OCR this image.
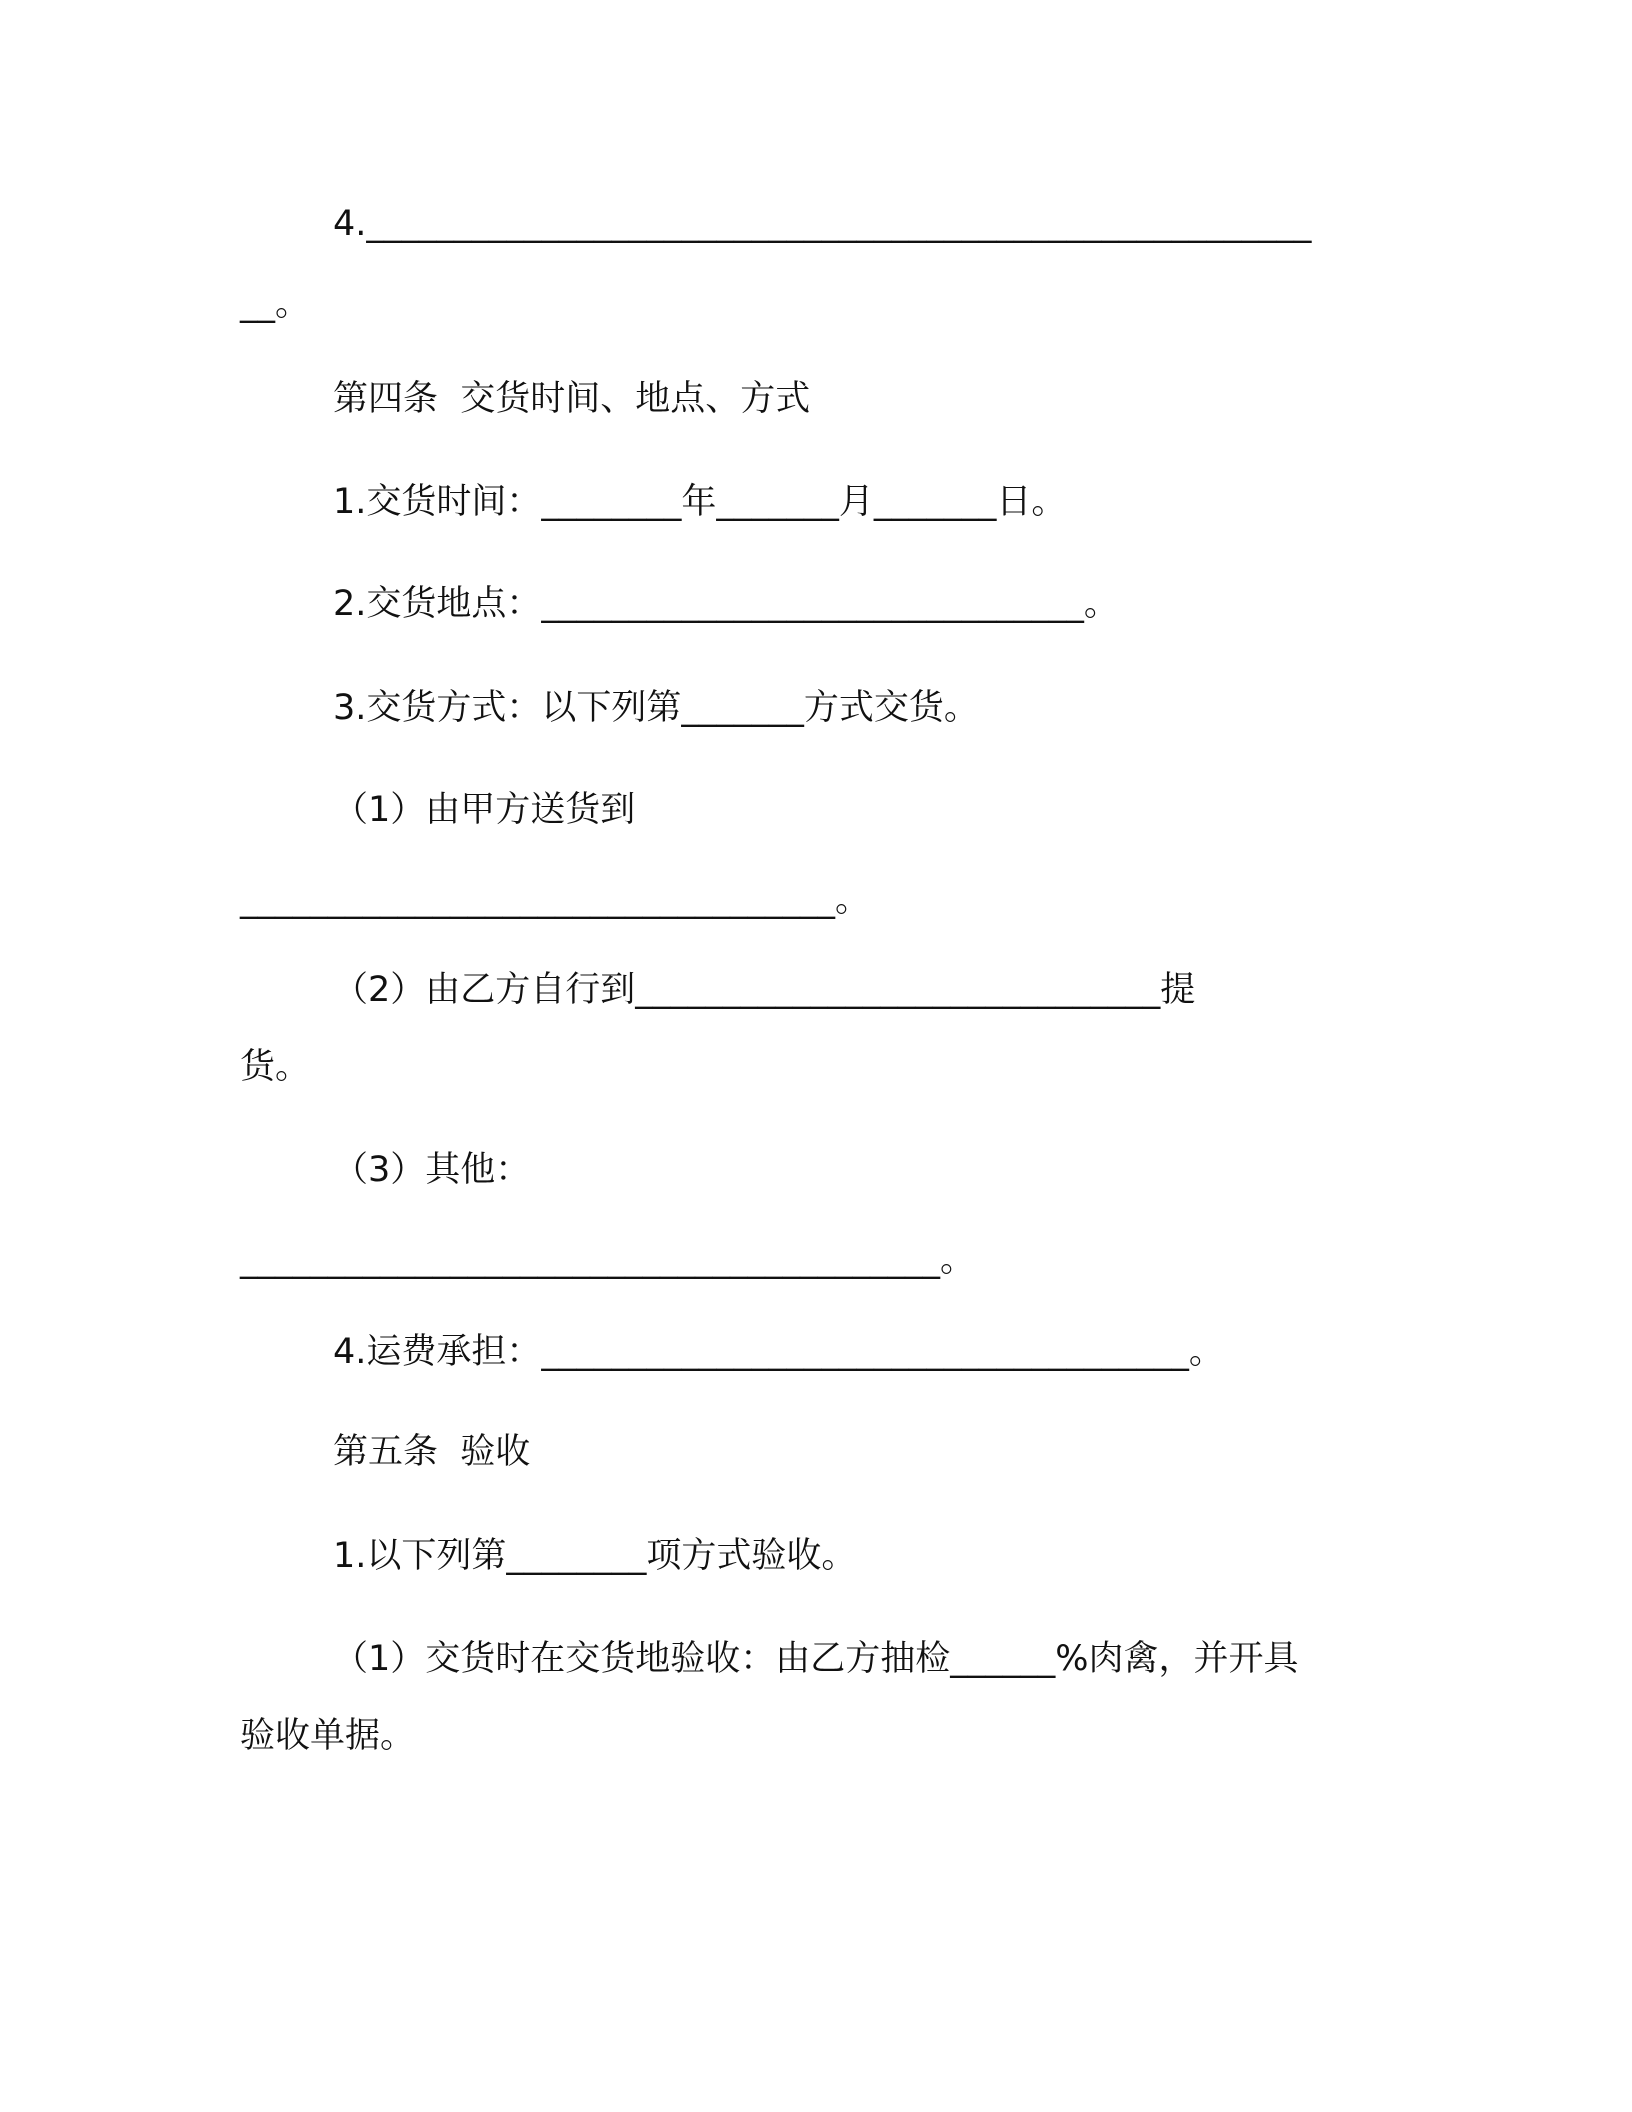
4.______________________________________________________
__。
第四条  交货时间、地点、方式
1.交货时间：________年_______月_______日。
2.交货地点：_______________________________。
3.交货方式：以下列第_______方式交货。
（1）由甲方送货到
__________________________________。
（2）由乙方自行到______________________________提
货。
（3）其他：
________________________________________。
4.运费承担：_____________________________________。
第五条  验收
1.以下列第________项方式验收。
（1）交货时在交货地验收：由乙方抽检______%肉禽，并开具
验收单据。
